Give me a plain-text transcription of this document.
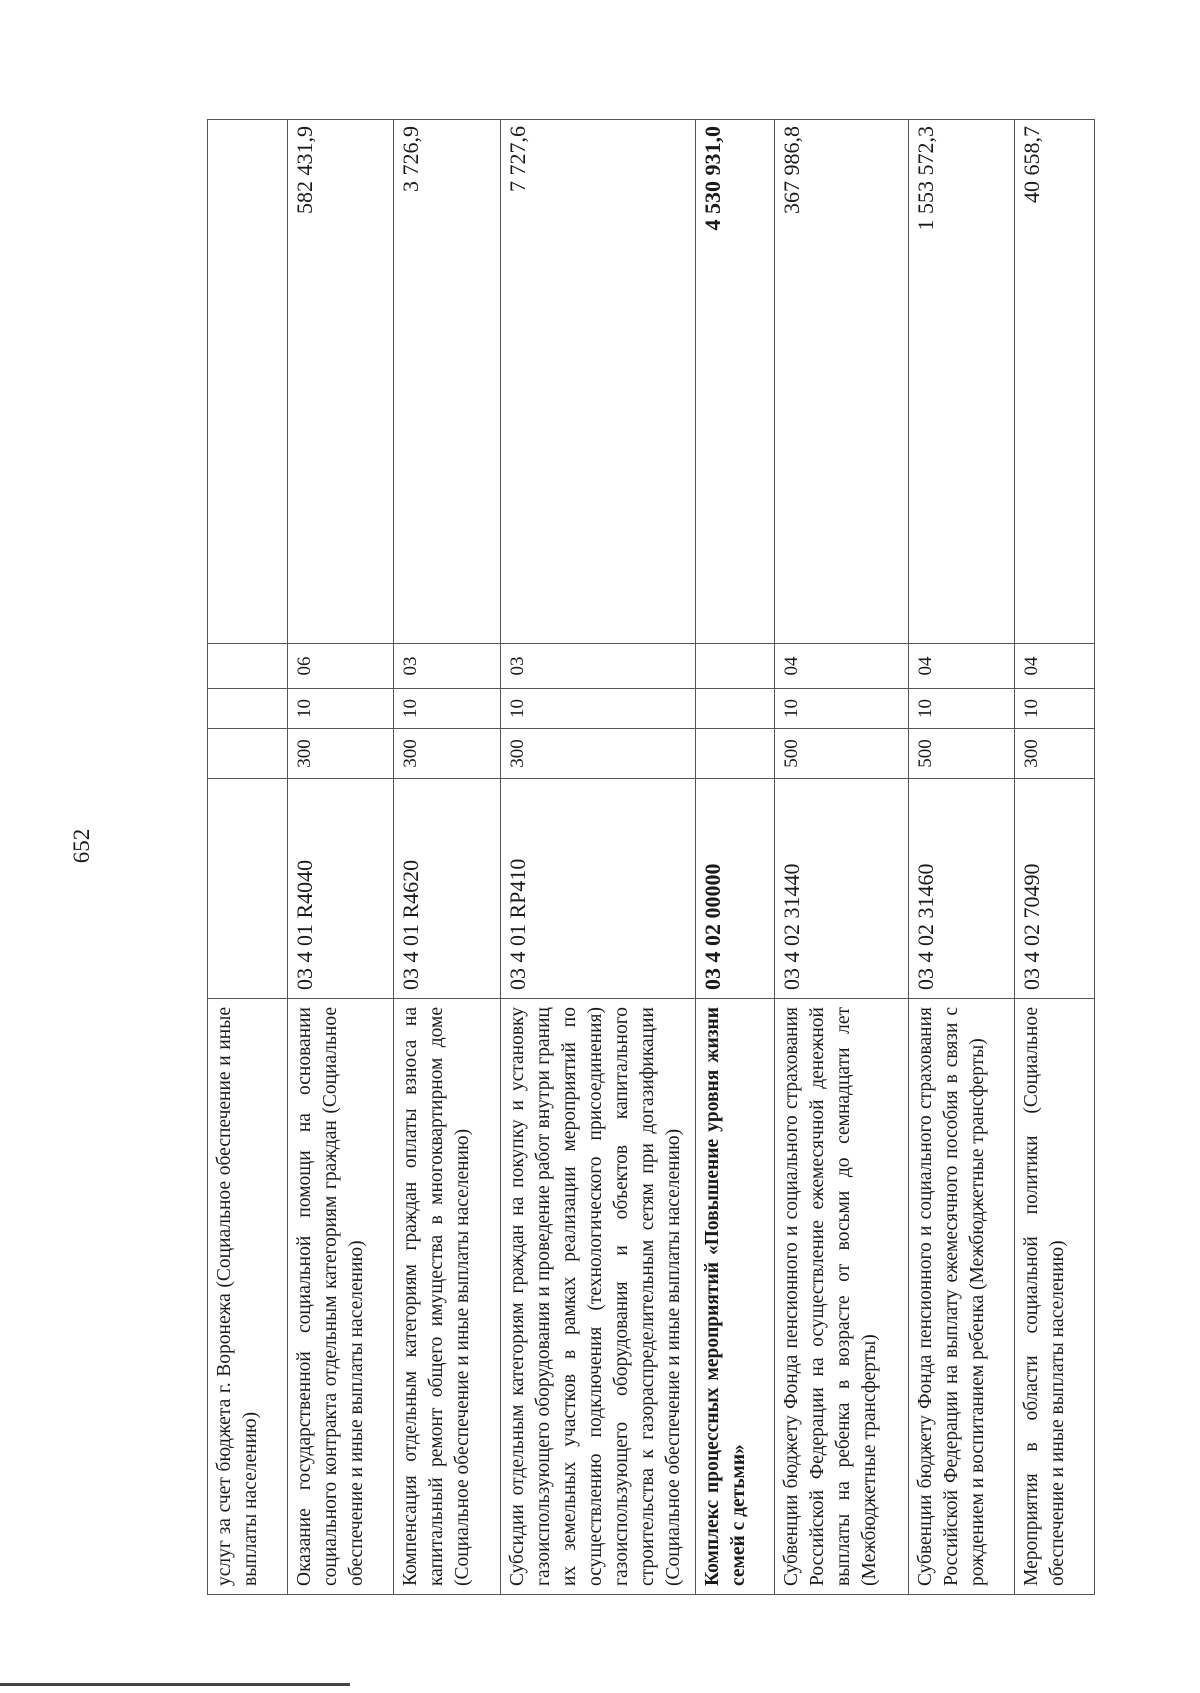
652
услуг за счет бюджета г. Воронежа (Социальное обеспечение и иные выплаты населению)					
Оказание государственной социальной помощи на основании социального контракта отдельным категориям граждан (Социальное обеспечение и иные выплаты населению)	03 4 01 R4040	300	10	06	582 431,9
Компенсация отдельным категориям граждан оплаты взноса на капитальный ремонт общего имущества в многоквартирном доме (Социальное обеспечение и иные выплаты населению)	03 4 01 R4620	300	10	03	3 726,9
Субсидии отдельным категориям граждан на покупку и установку газоиспользующего оборудования и проведение работ внутри границ их земельных участков в рамках реализации мероприятий по осуществлению подключения (технологического присоединения) газоиспользующего оборудования и объектов капитального строительства к газораспределительным сетям при догазификации (Социальное обеспечение и иные выплаты населению)	03 4 01 RP410	300	10	03	7 727,6
Комплекс процессных мероприятий «Повышение уровня жизни семей с детьми»	03 4 02 00000				4 530 931,0
Субвенции бюджету Фонда пенсионного и социального страхования Российской Федерации на осуществление ежемесячной денежной выплаты на ребенка в возрасте от восьми до семнадцати лет (Межбюджетные трансферты)	03 4 02 31440	500	10	04	367 986,8
Субвенции бюджету Фонда пенсионного и социального страхования Российской Федерации на выплату ежемесячного пособия в связи с рождением и воспитанием ребенка (Межбюджетные трансферты)	03 4 02 31460	500	10	04	1 553 572,3
Мероприятия в области социальной политики (Социальное обеспечение и иные выплаты населению)	03 4 02 70490	300	10	04	40 658,7
